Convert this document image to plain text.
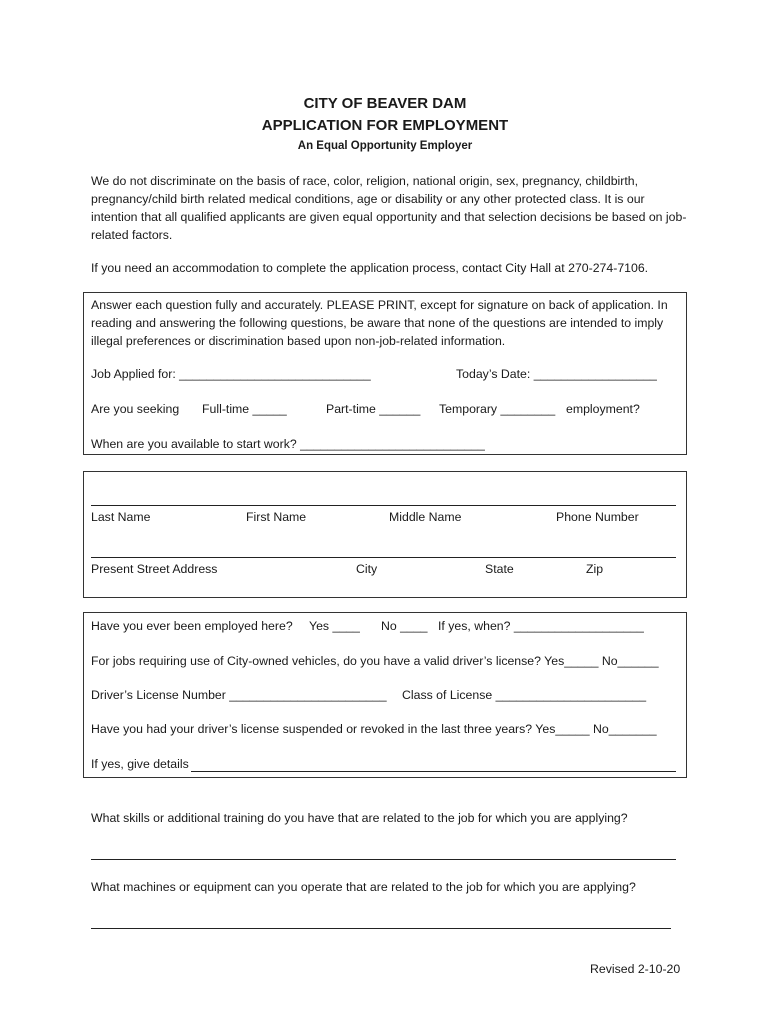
CITY OF BEAVER DAM
APPLICATION FOR EMPLOYMENT
An Equal Opportunity Employer
We do not discriminate on the basis of race, color, religion, national origin, sex, pregnancy, childbirth, pregnancy/child birth related medical conditions, age or disability or any other protected class. It is our intention that all qualified applicants are given equal opportunity and that selection decisions be based on job-related factors.
If you need an accommodation to complete the application process, contact City Hall at 270-274-7106.
Answer each question fully and accurately. PLEASE PRINT, except for signature on back of application. In reading and answering the following questions, be aware that none of the questions are intended to imply illegal preferences or discrimination based upon non-job-related information.
Job Applied for: ____________________________	Today’s Date: __________________
Are you seeking Full-time _____	Part-time ______ Temporary ________ employment?
When are you available to start work? ___________________________
Last Name	First Name	Middle Name	Phone Number
Present Street Address	City	State	Zip
Have you ever been employed here? Yes ____ No ____ If yes, when? ___________________
For jobs requiring use of City-owned vehicles, do you have a valid driver’s license? Yes_____ No______
Driver’s License Number _______________________ Class of License ______________________
Have you had your driver’s license suspended or revoked in the last three years? Yes_____ No_______
If yes, give details
What skills or additional training do you have that are related to the job for which you are applying?
What machines or equipment can you operate that are related to the job for which you are applying?
Revised 2-10-20
